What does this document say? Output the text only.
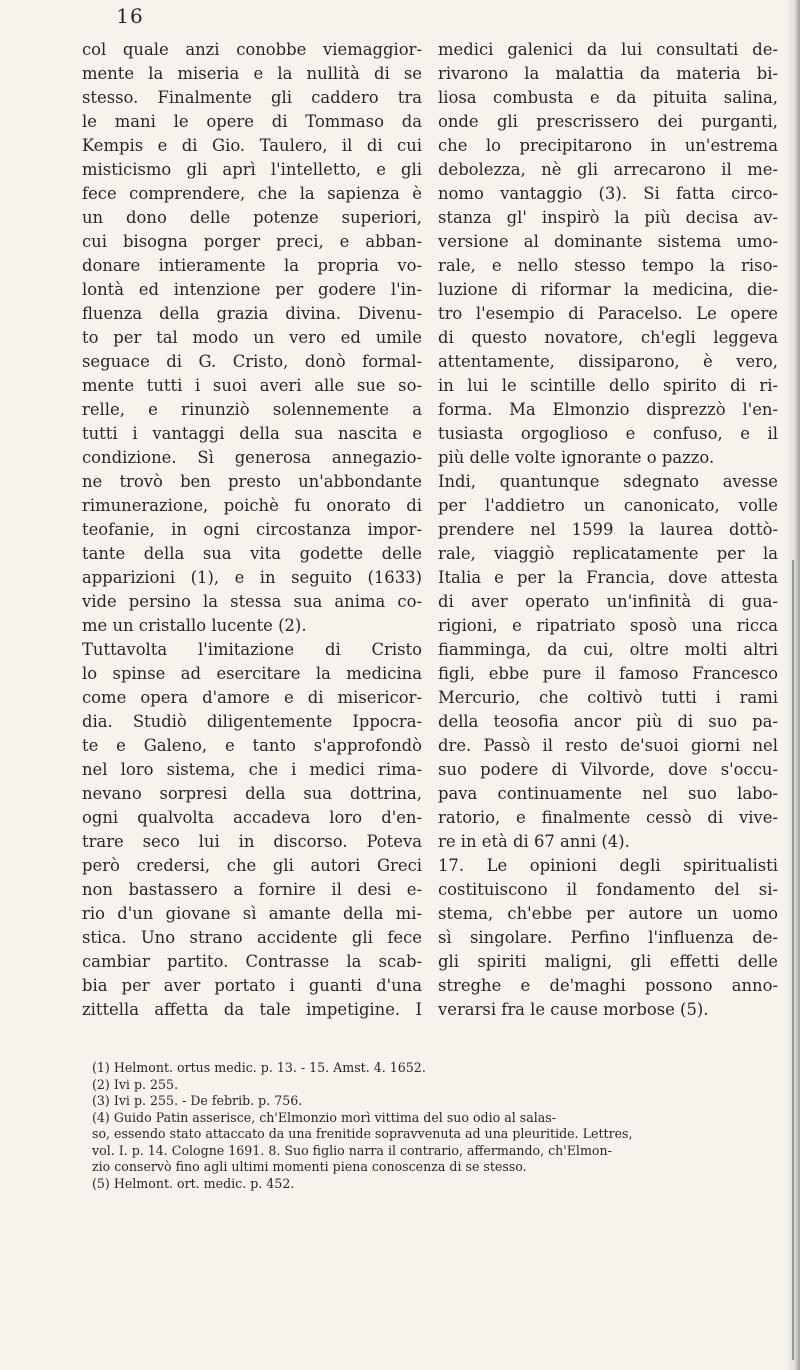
16
col quale anzi conobbe viemaggior-
mente la miseria e la nullità di se
stesso. Finalmente gli caddero tra
le mani le opere di Tommaso da
Kempis e di Gio. Taulero, il di cui
misticismo gli aprì l'intelletto, e gli
fece comprendere, che la sapienza è
un dono delle potenze superiori,
cui bisogna porger preci, e abban-
donare intieramente la propria vo-
lontà ed intenzione per godere l'in-
fluenza della grazia divina. Divenu-
to per tal modo un vero ed umile
seguace di G. Cristo, donò formal-
mente tutti i suoi averi alle sue so-
relle, e rinunziò solennemente a
tutti i vantaggi della sua nascita e
condizione. Sì generosa annegazio-
ne trovò ben presto un'abbondante
rimunerazione, poichè fu onorato di
teofanie, in ogni circostanza impor-
tante della sua vita godette delle
apparizioni (1), e in seguito (1633)
vide persino la stessa sua anima co-
me un cristallo lucente (2).
Tuttavolta l'imitazione di Cristo
lo spinse ad esercitare la medicina
come opera d'amore e di misericor-
dia. Studiò diligentemente Ippocra-
te e Galeno, e tanto s'approfondò
nel loro sistema, che i medici rima-
nevano sorpresi della sua dottrina,
ogni qualvolta accadeva loro d'en-
trare seco lui in discorso. Poteva
però credersi, che gli autori Greci
non bastassero a fornire il desi e-
rio d'un giovane sì amante della mi-
stica. Uno strano accidente gli fece
cambiar partito. Contrasse la scab-
bia per aver portato i guanti d'una
zittella affetta da tale impetigine. I
medici galenici da lui consultati de-
rivarono la malattia da materia bi-
liosa combusta e da pituita salina,
onde gli prescrissero dei purganti,
che lo precipitarono in un'estrema
debolezza, nè gli arrecarono il me-
nomo vantaggio (3). Si fatta circo-
stanza gl' inspirò la più decisa av-
versione al dominante sistema umo-
rale, e nello stesso tempo la riso-
luzione di riformar la medicina, die-
tro l'esempio di Paracelso. Le opere
di questo novatore, ch'egli leggeva
attentamente, dissiparono, è vero,
in lui le scintille dello spirito di ri-
forma. Ma Elmonzio disprezzò l'en-
tusiasta orgoglioso e confuso, e il
più delle volte ignorante o pazzo.
Indi, quantunque sdegnato avesse
per l'addietro un canonicato, volle
prendere nel 1599 la laurea dottò-
rale, viaggiò replicatamente per la
Italia e per la Francia, dove attesta
di aver operato un'infinità di gua-
rigioni, e ripatriato sposò una ricca
fiamminga, da cui, oltre molti altri
figli, ebbe pure il famoso Francesco
Mercurio, che coltivò tutti i rami
della teosofia ancor più di suo pa-
dre. Passò il resto de'suoi giorni nel
suo podere di Vilvorde, dove s'occu-
pava continuamente nel suo labo-
ratorio, e finalmente cessò di vive-
re in età di 67 anni (4).
17. Le opinioni degli spiritualisti
costituiscono il fondamento del si-
stema, ch'ebbe per autore un uomo
sì singolare. Perfino l'influenza de-
gli spiriti maligni, gli effetti delle
streghe e de'maghi possono anno-
verarsi fra le cause morbose (5).
(1) Helmont. ortus medic. p. 13. - 15. Amst. 4. 1652.
(2) Ivi p. 255.
(3) Ivi p. 255. - De febrib. p. 756.
(4) Guido Patin asserisce, ch'Elmonzio morì vittima del suo odio al salas-
so, essendo stato attaccato da una frenitide sopravvenuta ad una pleuritide. Lettres,
vol. I. p. 14. Cologne 1691. 8. Suo figlio narra il contrario, affermando, ch'Elmon-
zio conservò fino agli ultimi momenti piena conoscenza di se stesso.
(5) Helmont. ort. medic. p. 452.
